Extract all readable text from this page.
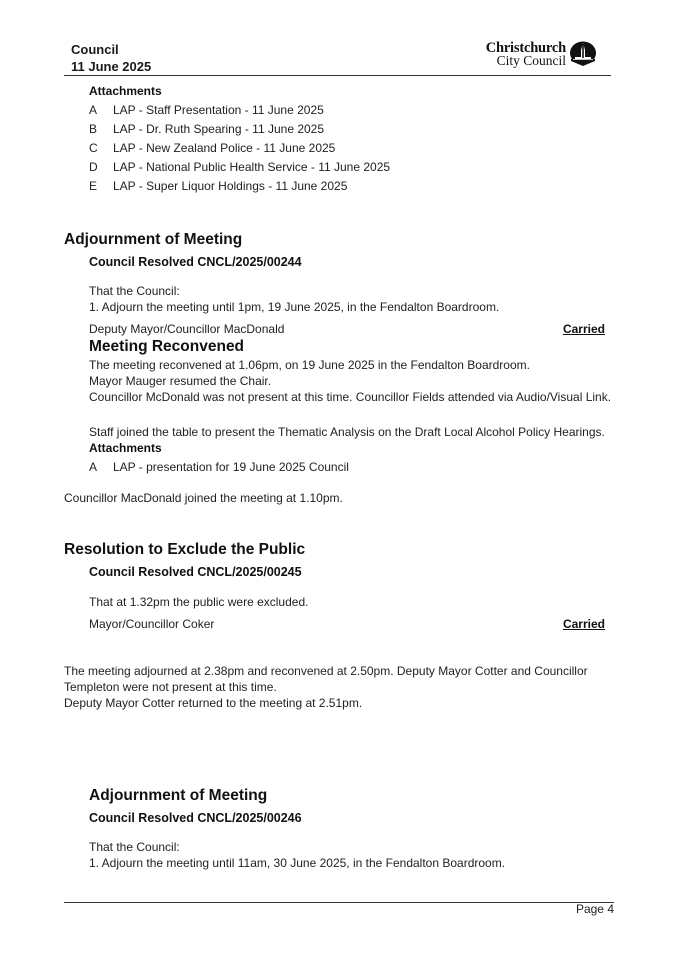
Council
11 June 2025
Christchurch
City Council
Attachments
A LAP - Staff Presentation - 11 June 2025
B LAP - Dr. Ruth Spearing - 11 June 2025
C LAP - New Zealand Police - 11 June 2025
D LAP - National Public Health Service - 11 June 2025
E LAP - Super Liquor Holdings - 11 June 2025
Adjournment of Meeting
Council Resolved CNCL/2025/00244
That the Council:
1. Adjourn the meeting until 1pm, 19 June 2025, in the Fendalton Boardroom.
Deputy Mayor/Councillor MacDonald	Carried
Meeting Reconvened
The meeting reconvened at 1.06pm, on 19 June 2025 in the Fendalton Boardroom.
Mayor Mauger resumed the Chair.
Councillor McDonald was not present at this time. Councillor Fields attended via Audio/Visual Link.
Staff joined the table to present the Thematic Analysis on the Draft Local Alcohol Policy Hearings.
Attachments
A LAP - presentation for 19 June 2025 Council
Councillor MacDonald joined the meeting at 1.10pm.
Resolution to Exclude the Public
Council Resolved CNCL/2025/00245
That at 1.32pm the public were excluded.
Mayor/Councillor Coker	Carried
The meeting adjourned at 2.38pm and reconvened at 2.50pm. Deputy Mayor Cotter and Councillor
Templeton were not present at this time.
Deputy Mayor Cotter returned to the meeting at 2.51pm.
Adjournment of Meeting
Council Resolved CNCL/2025/00246
That the Council:
1. Adjourn the meeting until 11am, 30 June 2025, in the Fendalton Boardroom.
Page 4
